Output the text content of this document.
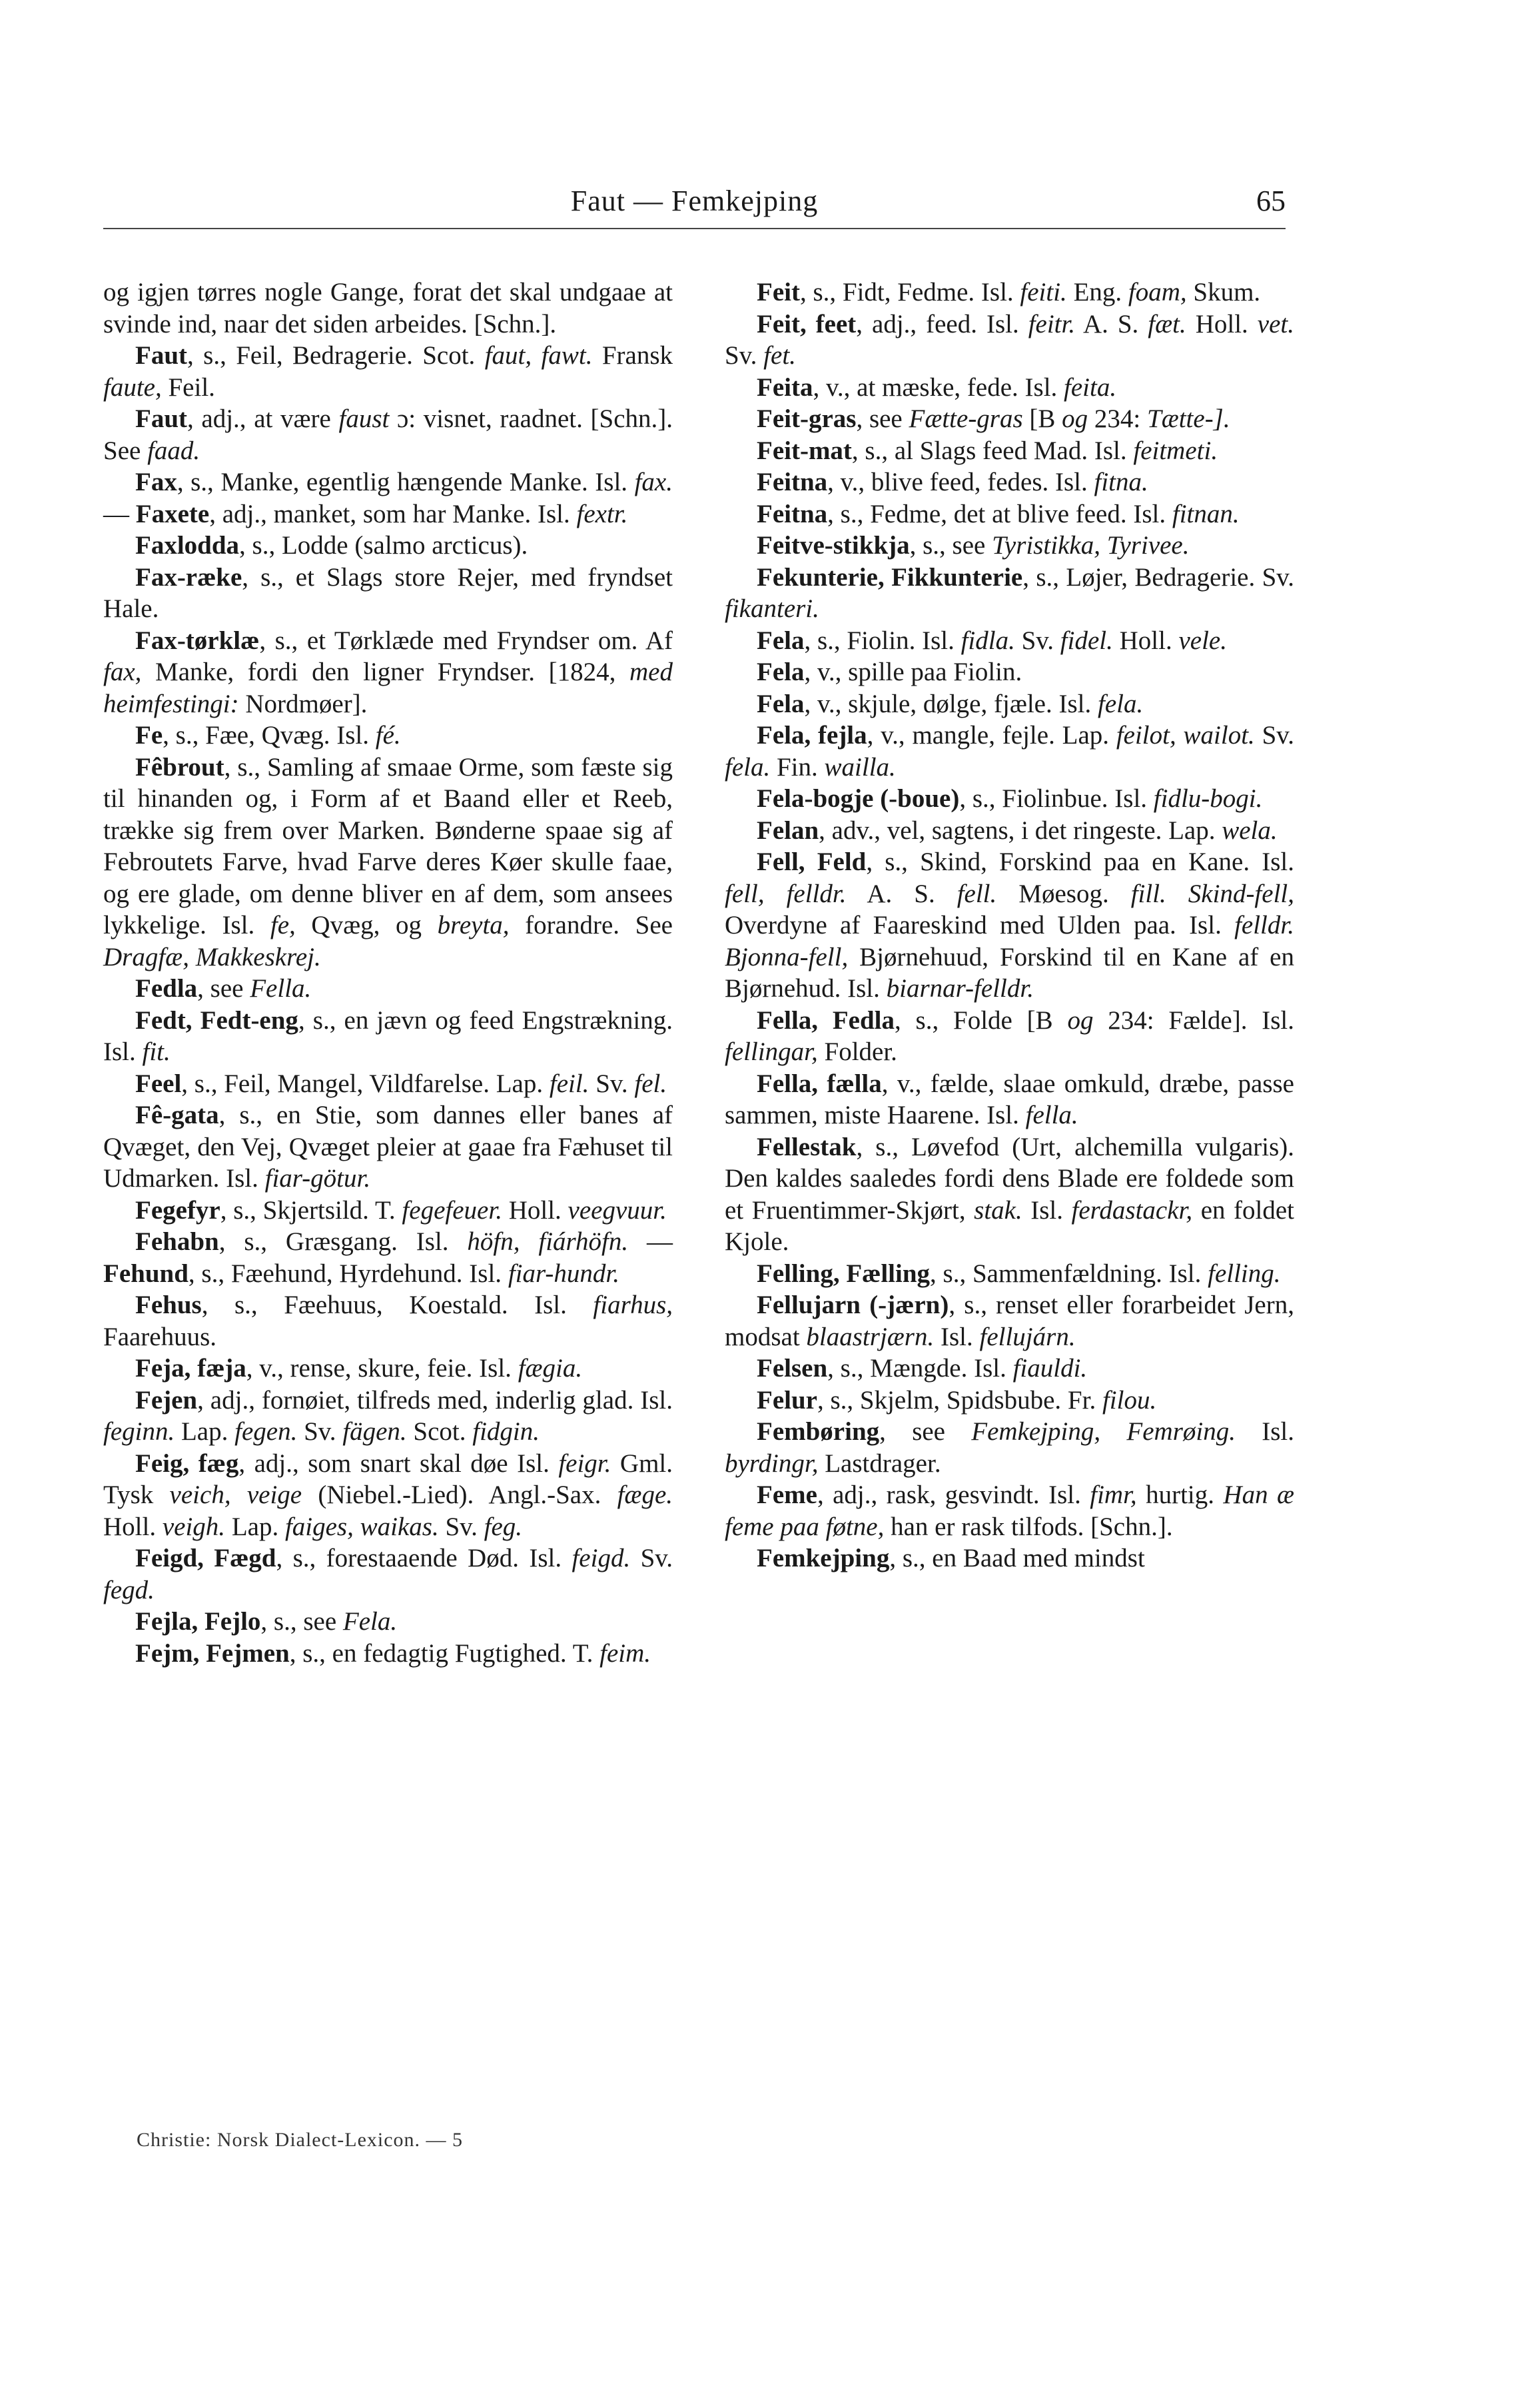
Faut — Femkejping	65

og igjen tørres nogle Gange, forat det skal undgaae at svinde ind, naar det siden arbeides. [Schn.].

Faut, s., Feil, Bedragerie. Scot. faut, fawt. Fransk faute, Feil.

Faut, adj., at være faust ɔ: visnet, raadnet. [Schn.]. See faad.

Fax, s., Manke, egentlig hængende Manke. Isl. fax. — Faxete, adj., manket, som har Manke. Isl. fextr.

Faxlodda, s., Lodde (salmo arcticus).

Fax-ræke, s., et Slags store Rejer, med fryndset Hale.

Fax-tørklæ, s., et Tørklæde med Fryndser om. Af fax, Manke, fordi den ligner Fryndser. [1824, med heimfestingi: Nordmøer].

Fe, s., Fæe, Qvæg. Isl. fé.

Fêbrout, s., Samling af smaae Orme, som fæste sig til hinanden og, i Form af et Baand eller et Reeb, trække sig frem over Marken. Bønderne spaae sig af Febroutets Farve, hvad Farve deres Køer skulle faae, og ere glade, om denne bliver en af dem, som ansees lykkelige. Isl. fe, Qvæg, og breyta, forandre. See Dragfæ, Makkeskrej.

Fedla, see Fella.

Fedt, Fedt-eng, s., en jævn og feed Engstrækning. Isl. fit.

Feel, s., Feil, Mangel, Vildfarelse. Lap. feil. Sv. fel.

Fê-gata, s., en Stie, som dannes eller banes af Qvæget, den Vej, Qvæget pleier at gaae fra Fæhuset til Udmarken. Isl. fiar-götur.

Fegefyr, s., Skjertsild. T. fegefeuer. Holl. veegvuur.

Fehabn, s., Græsgang. Isl. höfn, fiárhöfn. — Fehund, s., Fæehund, Hyrdehund. Isl. fiar-hundr.

Fehus, s., Fæehuus, Koestald. Isl. fiarhus, Faarehuus.

Feja, fæja, v., rense, skure, feie. Isl. fægia.

Fejen, adj., fornøiet, tilfreds med, inderlig glad. Isl. feginn. Lap. fegen. Sv. fägen. Scot. fidgin.

Feig, fæg, adj., som snart skal døe Isl. feigr. Gml. Tysk veich, veige (Niebel.-Lied). Angl.-Sax. fæge. Holl. veigh. Lap. faiges, waikas. Sv. feg.

Feigd, Fægd, s., forestaaende Død. Isl. feigd. Sv. fegd.

Fejla, Fejlo, s., see Fela.

Fejm, Fejmen, s., en fedagtig Fugtighed. T. feim.

Feit, s., Fidt, Fedme. Isl. feiti. Eng. foam, Skum.

Feit, feet, adj., feed. Isl. feitr. A. S. fæt. Holl. vet. Sv. fet.

Feita, v., at mæske, fede. Isl. feita.

Feit-gras, see Fætte-gras [B og 234: Tætte-].

Feit-mat, s., al Slags feed Mad. Isl. feitmeti.

Feitna, v., blive feed, fedes. Isl. fitna.

Feitna, s., Fedme, det at blive feed. Isl. fitnan.

Feitve-stikkja, s., see Tyristikka, Tyrivee.

Fekunterie, Fikkunterie, s., Løjer, Bedragerie. Sv. fikanteri.

Fela, s., Fiolin. Isl. fidla. Sv. fidel. Holl. vele.

Fela, v., spille paa Fiolin.

Fela, v., skjule, dølge, fjæle. Isl. fela.

Fela, fejla, v., mangle, fejle. Lap. feilot, wailot. Sv. fela. Fin. wailla.

Fela-bogje (-boue), s., Fiolinbue. Isl. fidlu-bogi.

Felan, adv., vel, sagtens, i det ringeste. Lap. wela.

Fell, Feld, s., Skind, Forskind paa en Kane. Isl. fell, felldr. A. S. fell. Møesog. fill. Skind-fell, Overdyne af Faareskind med Ulden paa. Isl. felldr. Bjonna-fell, Bjørnehuud, Forskind til en Kane af en Bjørnehud. Isl. biarnar-felldr.

Fella, Fedla, s., Folde [B og 234: Fælde]. Isl. fellingar, Folder.

Fella, fælla, v., fælde, slaae omkuld, dræbe, passe sammen, miste Haarene. Isl. fella.

Fellestak, s., Løvefod (Urt, alchemilla vulgaris). Den kaldes saaledes fordi dens Blade ere foldede som et Fruentimmer-Skjørt, stak. Isl. ferdastackr, en foldet Kjole.

Felling, Fælling, s., Sammenfældning. Isl. felling.

Fellujarn (-jærn), s., renset eller forarbeidet Jern, modsat blaastrjærn. Isl. fellujárn.

Felsen, s., Mængde. Isl. fiauldi.

Felur, s., Skjelm, Spidsbube. Fr. filou.

Fembøring, see Femkejping, Femrøing. Isl. byrdingr, Lastdrager.

Feme, adj., rask, gesvindt. Isl. fimr, hurtig. Han æ feme paa føtne, han er rask tilfods. [Schn.].

Femkejping, s., en Baad med mindst

Christie: Norsk Dialect-Lexicon. — 5
